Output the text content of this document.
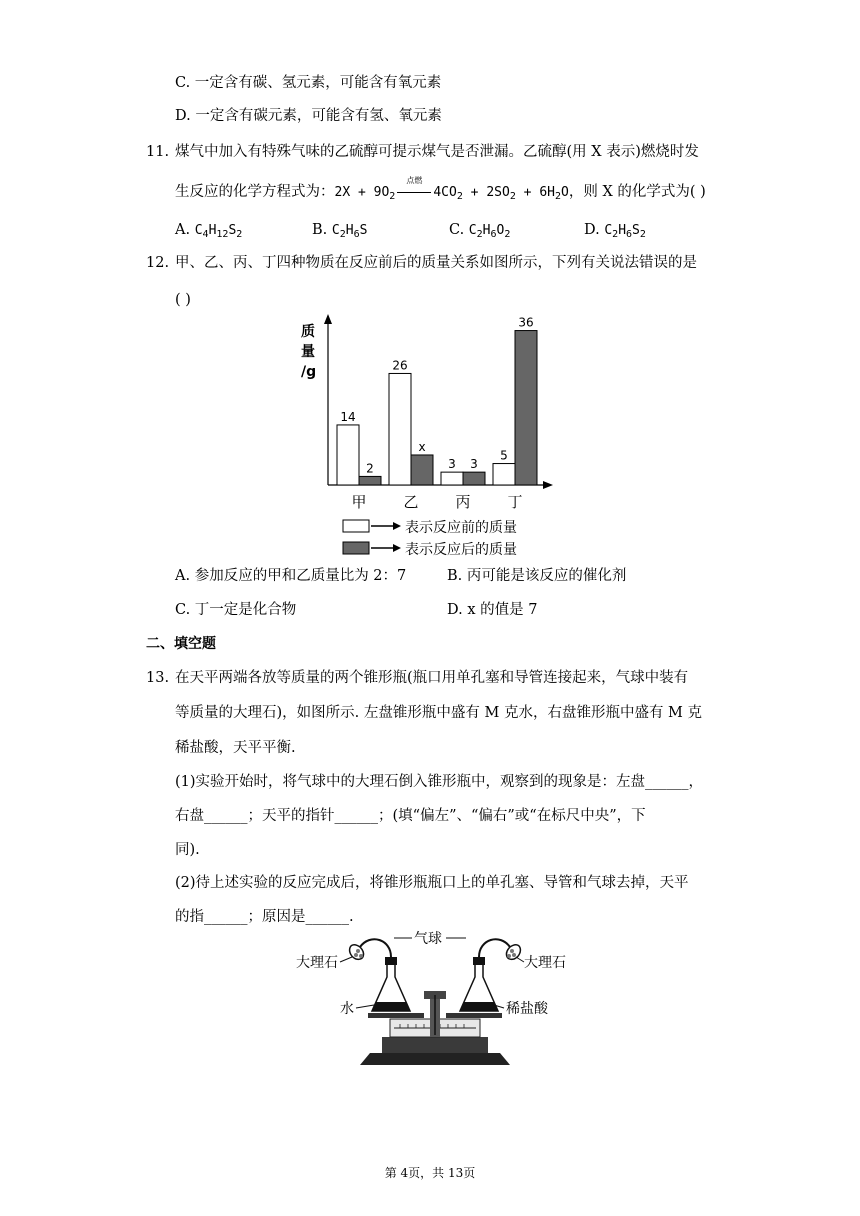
C. 一定含有碳、氢元素，可能含有氧元素
D. 一定含有碳元素，可能含有氢、氧元素
11. 煤气中加入有特殊气味的乙硫醇可提示煤气是否泄漏。乙硫醇(用 X 表示)燃烧时发
生反应的化学方程式为：$2X + 9O_2$
点燃
$4CO_2 + 2SO_2 + 6H_2O$，则 X 的化学式为( )
A. $C_4H_{12}S_2$	B. $C_2H_6S$	C. $C_2H_6O_2$	D. $C_2H_6S_2$
12. 甲、乙、丙、丁四种物质在反应前后的质量关系如图所示，下列有关说法错误的是
( )
质
量
/g
14
2
甲
26
x
乙
3 3
丙
5
36
丁
表示反应前的质量
表示反应后的质量
A. 参加反应的甲和乙质量比为 2：7	B. 丙可能是该反应的催化剂
C. 丁一定是化合物	D. x 的值是 7
二、填空题
13. 在天平两端各放等质量的两个锥形瓶(瓶口用单孔塞和导管连接起来，气球中装有
等质量的大理石)，如图所示. 左盘锥形瓶中盛有 M 克水，右盘锥形瓶中盛有 M 克
稀盐酸，天平平衡.
(1)实验开始时，将气球中的大理石倒入锥形瓶中，观察到的现象是：左盘______，
右盘______；天平的指针______；(填“偏左”、“偏右”或“在标尺中央”，下
同).
(2)待上述实验的反应完成后，将锥形瓶瓶口上的单孔塞、导管和气球去掉，天平
的指______；原因是______.
气球
大理石	大理石
水	稀盐酸
第 4页，共 13页
